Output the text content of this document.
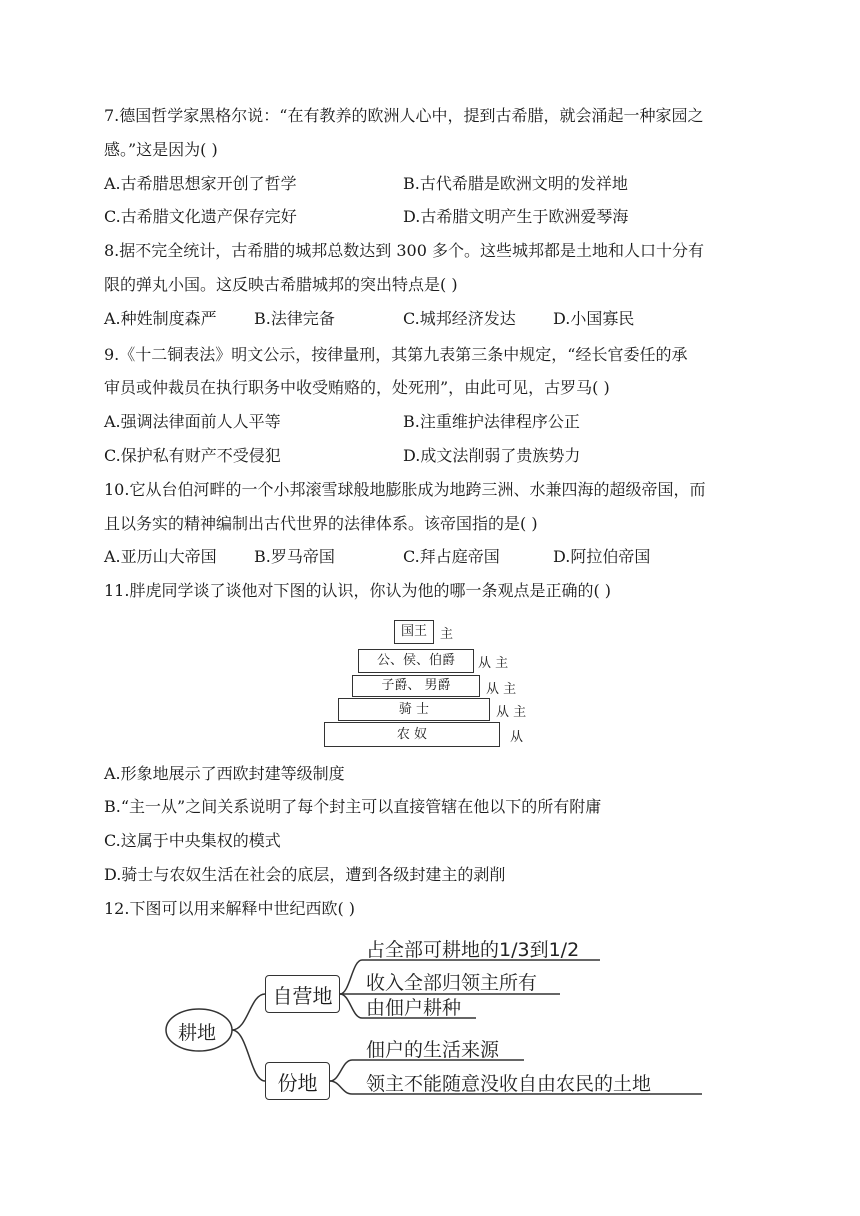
7.德国哲学家黑格尔说：“在有教养的欧洲人心中，提到古希腊，就会涌起一种家园之
感。”这是因为( )
A.古希腊思想家开创了哲学	B.古代希腊是欧洲文明的发祥地
C.古希腊文化遗产保存完好	D.古希腊文明产生于欧洲爱琴海
8.据不完全统计，古希腊的城邦总数达到 300 多个。这些城邦都是土地和人口十分有
限的弹丸小国。这反映古希腊城邦的突出特点是( )
A.种姓制度森严 B.法律完备	C.城邦经济发达 D.小国寡民
9.《十二铜表法》明文公示，按律量刑，其第九表第三条中规定，“经长官委任的承
审员或仲裁员在执行职务中收受贿赂的，处死刑”，由此可见，古罗马( )
A.强调法律面前人人平等	B.注重维护法律程序公正
C.保护私有财产不受侵犯	D.成文法削弱了贵族势力
10.它从台伯河畔的一个小邦滚雪球般地膨胀成为地跨三洲、水兼四海的超级帝国，而
且以务实的精神编制出古代世界的法律体系。该帝国指的是( )
A.亚历山大帝国 B.罗马帝国	C.拜占庭帝国	D.阿拉伯帝国
11.胖虎同学谈了谈他对下图的认识，你认为他的哪一条观点是正确的( )
国王	主
公、侯、伯爵	从 主
子爵、 男爵	从 主
骑 士	从 主
农 奴	从
A.形象地展示了西欧封建等级制度
B.“主一从”之间关系说明了每个封主可以直接管辖在他以下的所有附庸
C.这属于中央集权的模式
D.骑士与农奴生活在社会的底层，遭到各级封建主的剥削
12.下图可以用来解释中世纪西欧( )
耕地
自营地
份地
占全部可耕地的1/3到1/2
收入全部归领主所有
由佃户耕种
佃户的生活来源
领主不能随意没收自由农民的土地
